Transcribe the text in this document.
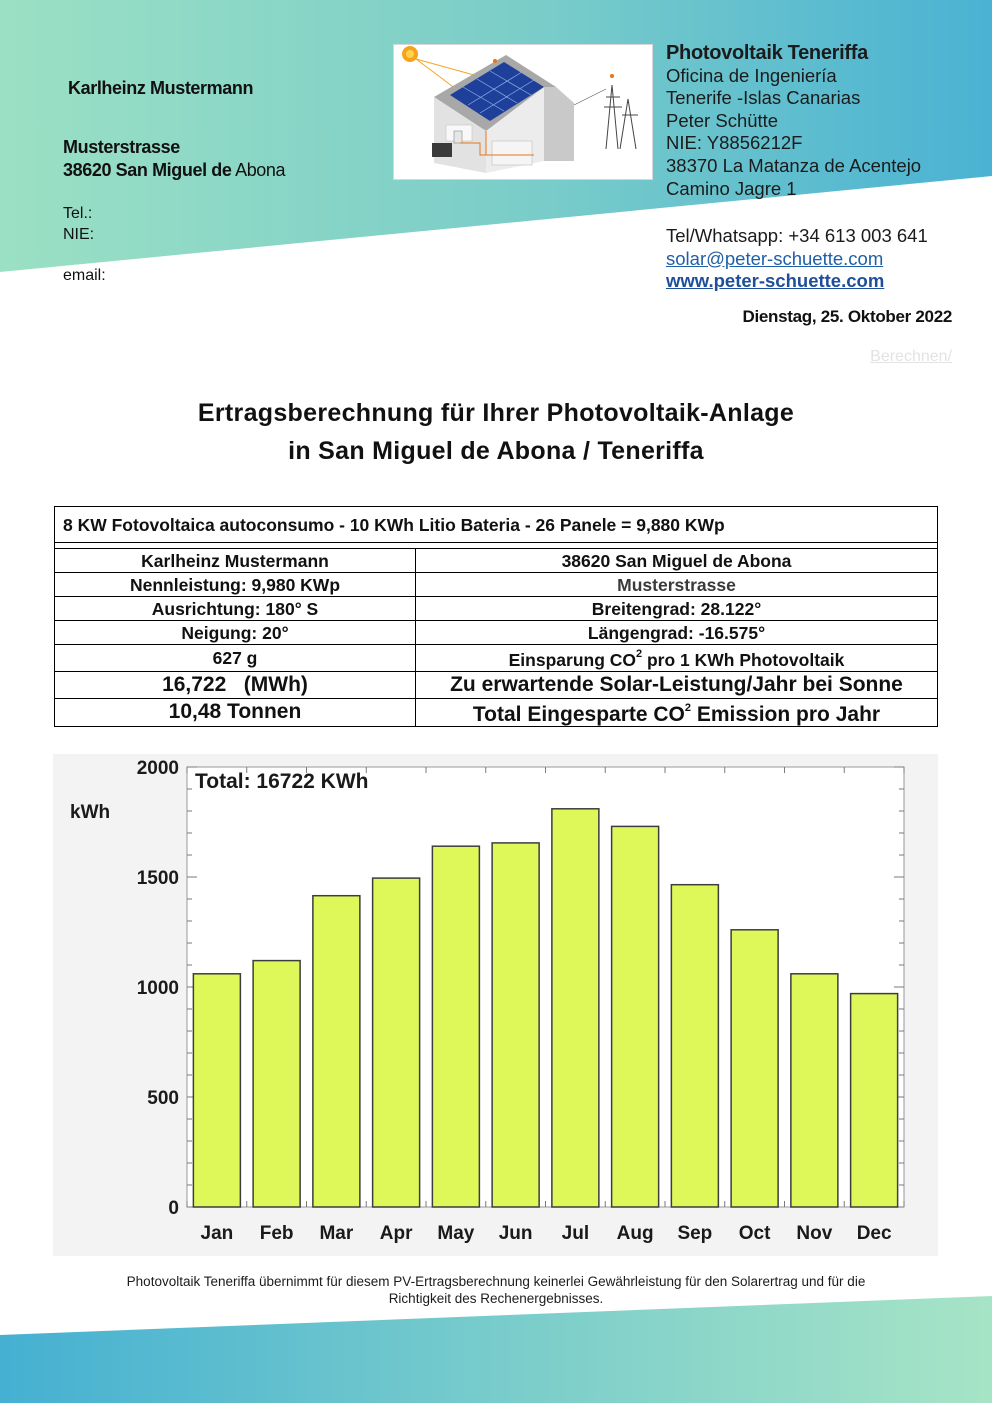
Karlheinz Mustermann
Musterstrasse
38620 San Miguel de Abona
Tel.:
NIE:
email:
Photovoltaik Teneriffa
Oficina de Ingeniería
Tenerife -Islas Canarias
Peter Schütte
NIE: Y8856212F
38370 La Matanza de Acentejo
Camino Jagre 1
Tel/Whatsapp: +34 613 003 641
solar@peter-schuette.com
www.peter-schuette.com
Dienstag, 25. Oktober 2022
Berechnen/
Ertragsberechnung für Ihrer Photovoltaik-Anlage
in San Miguel de Abona / Teneriffa
8 KW Fotovoltaica autoconsumo - 10 KWh Litio Bateria - 26 Panele = 9,880 KWp	

Karlheinz Mustermann	38620 San Miguel de Abona
Nennleistung: 9,980 KWp	Musterstrasse
Ausrichtung: 180° S	Breitengrad: 28.122°
Neigung: 20°	Längengrad: -16.575°
627 g	Einsparung $CO^2$ pro 1 KWh Photovoltaik
16,722   (MWh)	Zu erwartende Solar-Leistung/Jahr bei Sonne
10,48 Tonnen	Total Eingesparte $CO^2$ Emission pro Jahr
0
500
1000
1500
2000
Jan Feb Mar Apr May Jun Jul Aug Sep Oct Nov Dec
kWh
Total: 16722 KWh
Photovoltaik Teneriffa übernimmt für diesem PV-Ertragsberechnung keinerlei Gewährleistung für den Solarertrag und für die
Richtigkeit des Rechenergebnisses.
